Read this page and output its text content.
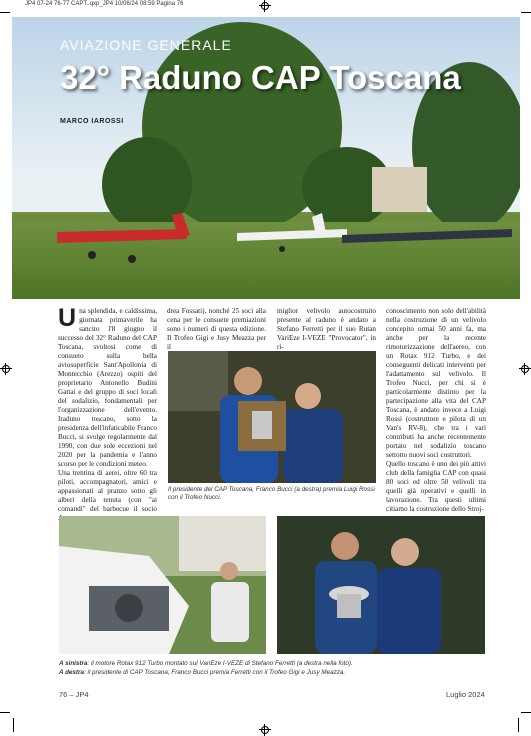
JP4 07-24 76-77 CAPT..qxp_JP4 10/06/24 08:59 Pagina 76
AVIAZIONE GENERALE
32° Raduno CAP Toscana
MARCO IAROSSI
U na splendida, e caldissima, giornata primaverile ha sancito l'8 giugno il successo del 32° Raduno del CAP Toscana, svoltosi come di consueto sulla bella aviosuperficie Sant'Apollonia di Montecchio (Arezzo) ospiti del proprietario Antonello Budini Gattai e del gruppo di soci locali del sodalizio, fondamentali per l'organizzazione dell'evento. Iraduno toscano, sotto la presidenza dell'infaticabile Franco Bucci, si svolge regolarmente dal 1990, con due sole eccezioni nel 2020 per la pandemia e l'anno scorso per le condizioni meteo.

Una trentina di aerei, oltre 60 tra piloti, accompagnatori, amici e appassionati al pranzo sotto gli alberi della tenuta (con "ai comandi" del barbecue il socio

drea Fossati), nonché 25 soci alla cena per le consuete premiazioni sono i numeri di questa edizione. Il Trofeo Gigi e Jusy Meazza per il

miglior velivolo autocostruito presente al raduno è andato a Stefano Ferretti per il suo Rutan VariEze I-VEZE "Provocator", in ri-

conoscimento non solo dell'abilità nella costruzione di un velivolo concepito ormai 50 anni fa, ma anche per la recente rimotorizzazione dell'aereo, con un Rotax 912 Turbo, e dei conseguenti delicati interventi per l'adattamento sul velivolo. Il Trofeo Nucci, per chi si è particolarmente distinto per la partecipazione alla vita del CAP Toscana, è andato invece a Luigi Rossi (costruttore e pilota di un Van's RV-8), che tra i vari contributi ha anche recentemente portato nel sodalizio toscano settotto nuovi soci costruttori.

Quello toscano è uno dei più attivi club della famiglia CAP con quasi 80 soci ed oltre 50 velivoli tra quelli già operativi e quelli in lavorazione. Tra questi ultimi citiamo la costruzione dello Stroj-

Il presidente del CAP Toscana, Franco Bucci (a destra) premia Luigi Rossi con il Trofeo Nucci.
A sinistra: il motore Rotax 912 Turbo montato sul VariEze I-VEZE di Stefano Ferretti (a destra nella foto).
A destra: il presidente di CAP Toscana, Franco Bucci premia Ferretti con il Trofeo Gigi e Jusy Meazza.
76 – JP4	Luglio 2024
